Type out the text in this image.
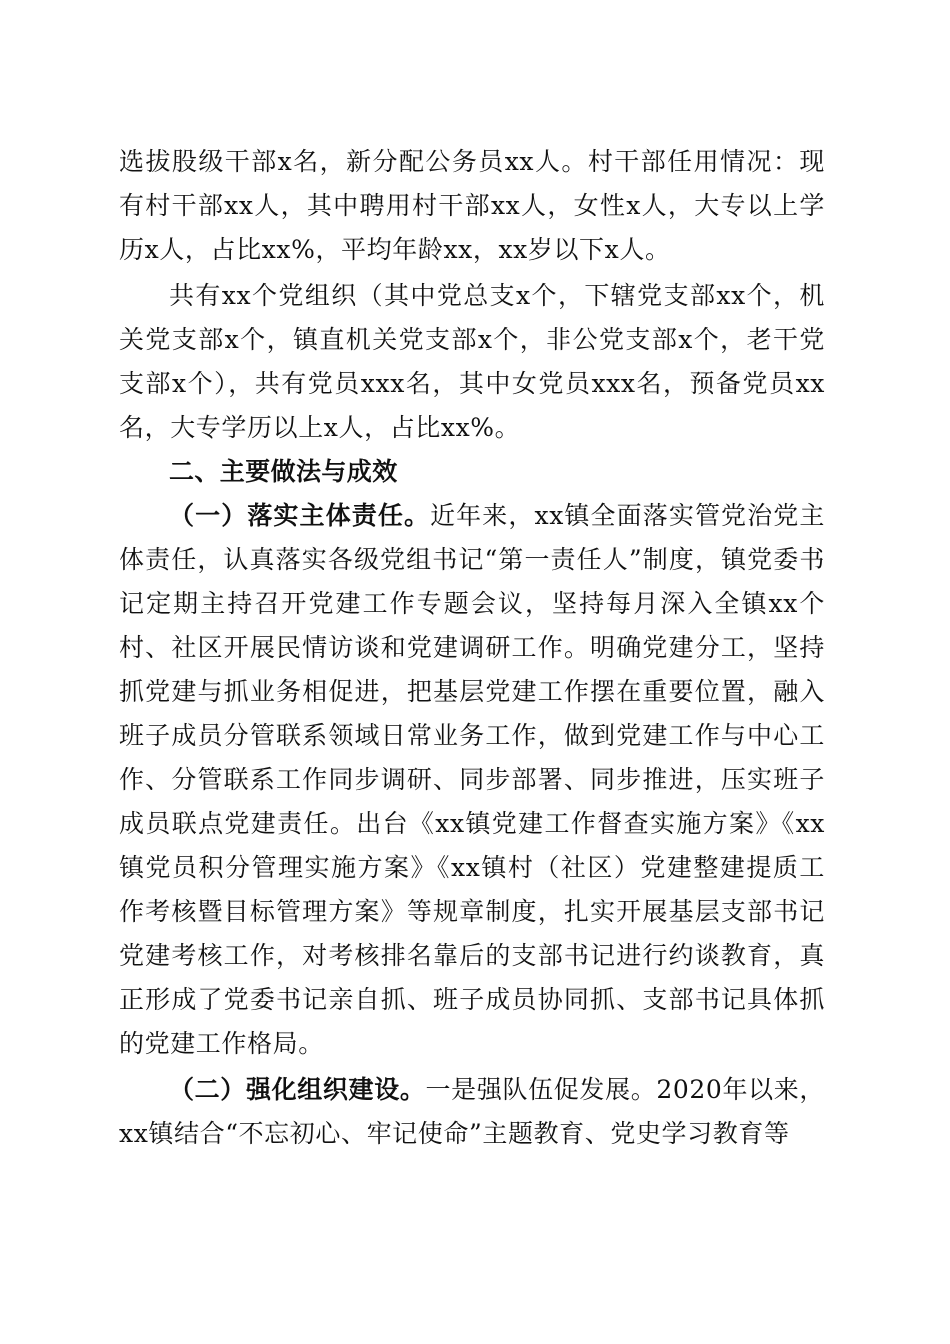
选拔股级干部x名，新分配公务员xx人。村干部任用情况：现有村干部xx人，其中聘用村干部xx人，女性x人，大专以上学历x人，占比xx%，平均年龄xx，xx岁以下x人。

共有xx个党组织（其中党总支x个，下辖党支部xx个，机关党支部x个，镇直机关党支部x个，非公党支部x个，老干党支部x个），共有党员xxx名，其中女党员xxx名，预备党员xx名，大专学历以上x人，占比xx%。

二、主要做法与成效

（一）落实主体责任。近年来，xx镇全面落实管党治党主体责任，认真落实各级党组书记“第一责任人”制度，镇党委书记定期主持召开党建工作专题会议，坚持每月深入全镇xx个村、社区开展民情访谈和党建调研工作。明确党建分工，坚持抓党建与抓业务相促进，把基层党建工作摆在重要位置，融入班子成员分管联系领域日常业务工作，做到党建工作与中心工作、分管联系工作同步调研、同步部署、同步推进，压实班子成员联点党建责任。出台《xx镇党建工作督查实施方案》《xx镇党员积分管理实施方案》《xx镇村（社区）党建整建提质工作考核暨目标管理方案》等规章制度，扎实开展基层支部书记党建考核工作，对考核排名靠后的支部书记进行约谈教育，真正形成了党委书记亲自抓、班子成员协同抓、支部书记具体抓的党建工作格局。

（二）强化组织建设。一是强队伍促发展。2020年以来，xx镇结合“不忘初心、牢记使命”主题教育、党史学习教育等
